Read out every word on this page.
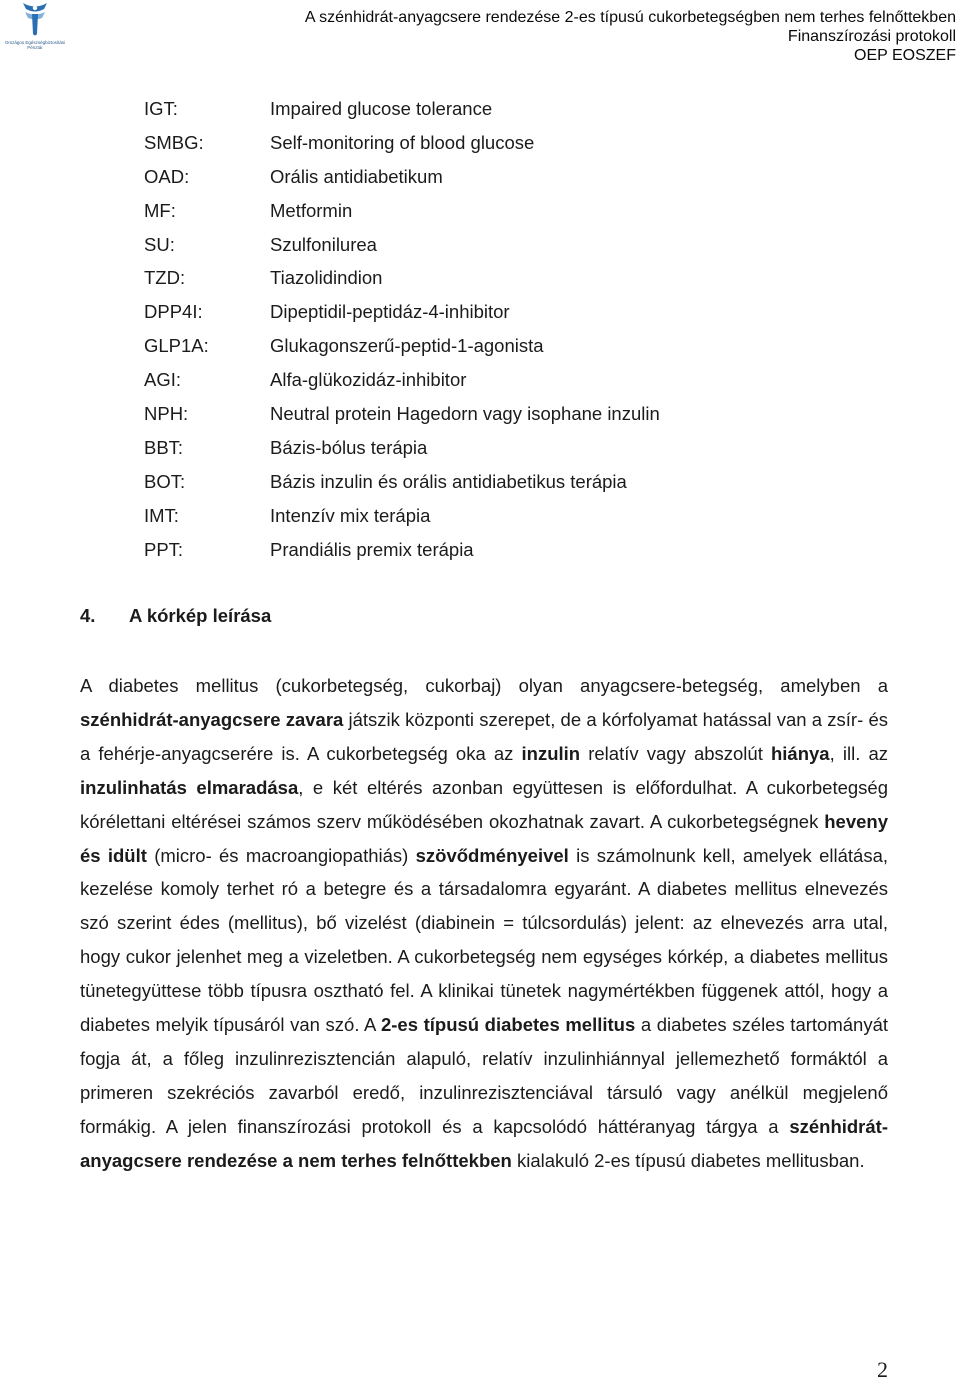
Országos Egészségbiztosítási Pénztár
A szénhidrát-anyagcsere rendezése 2-es típusú cukorbetegségben nem terhes felnőttekben
Finanszírozási protokoll
OEP EOSZEF
IGT:	Impaired glucose tolerance
SMBG:	Self-monitoring of blood glucose
OAD:	Orális antidiabetikum
MF:	Metformin
SU:	Szulfonilurea
TZD:	Tiazolidindion
DPP4I:	Dipeptidil-peptidáz-4-inhibitor
GLP1A:	Glukagonszerű-peptid-1-agonista
AGI:	Alfa-glükozidáz-inhibitor
NPH:	Neutral protein Hagedorn vagy isophane inzulin
BBT:	Bázis-bólus terápia
BOT:	Bázis inzulin és orális antidiabetikus terápia
IMT:	Intenzív mix terápia
PPT:	Prandiális premix terápia
4. A kórkép leírása

A diabetes mellitus (cukorbetegség, cukorbaj) olyan anyagcsere-betegség, amelyben a szénhidrát-anyagcsere zavara játszik központi szerepet, de a kórfolyamat hatással van a zsír- és a fehérje-anyagcserére is. A cukorbetegség oka az inzulin relatív vagy abszolút hiánya, ill. az inzulinhatás elmaradása, e két eltérés azonban együttesen is előfordulhat. A cukorbetegség kórélettani eltérései számos szerv működésében okozhatnak zavart. A cukorbetegségnek heveny és idült (micro- és macroangiopathiás) szövődményeivel is számolnunk kell, amelyek ellátása, kezelése komoly terhet ró a betegre és a társadalomra egyaránt. A diabetes mellitus elnevezés szó szerint édes (mellitus), bő vizelést (diabinein = túlcsordulás) jelent: az elnevezés arra utal, hogy cukor jelenhet meg a vizeletben. A cukorbetegség nem egységes kórkép, a diabetes mellitus tünetegyüttese több típusra osztható fel. A klinikai tünetek nagymértékben függenek attól, hogy a diabetes melyik típusáról van szó. A 2-es típusú diabetes mellitus a diabetes széles tartományát fogja át, a főleg inzulinrezisztencián alapuló, relatív inzulinhiánnyal jellemezhető formáktól a primeren szekréciós zavarból eredő, inzulinrezisztenciával társuló vagy anélkül megjelenő formákig. A jelen finanszírozási protokoll és a kapcsolódó háttéranyag tárgya a szénhidrát-anyagcsere rendezése a nem terhes felnőttekben kialakuló 2-es típusú diabetes mellitusban.

2
